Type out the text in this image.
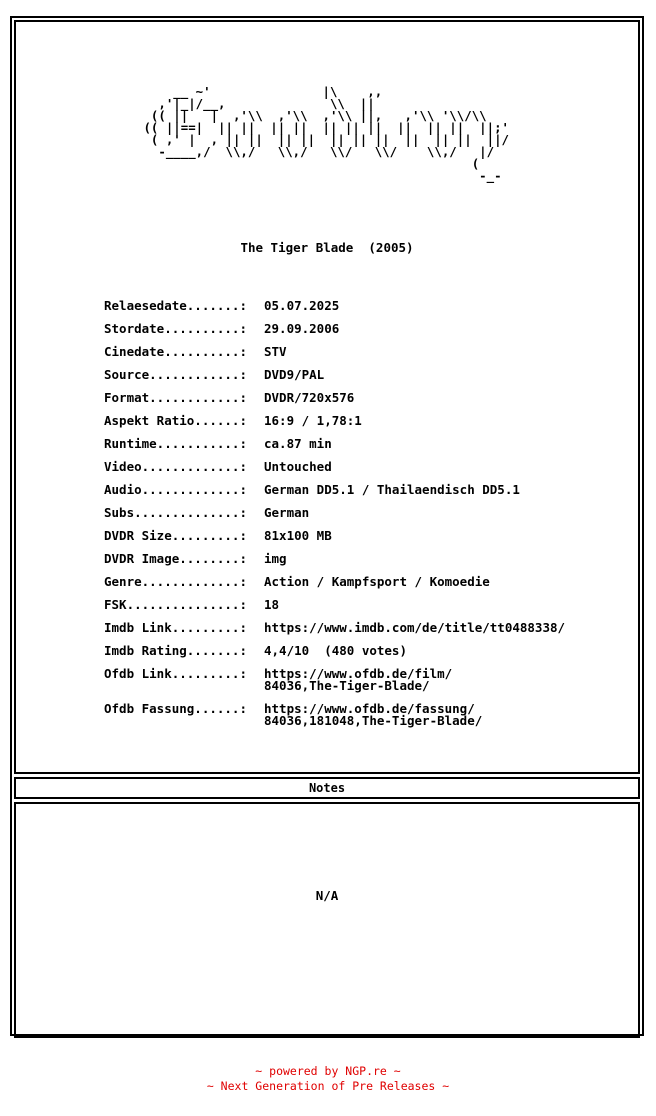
__ ~'               |\    ,,
,'|_|/__,              \\  ||
(( ||   |  ,'\\  ,'\\  ,'\\ ||,   ,'\\ '\\/\\
(( ||==|  || ||  || ||  || || ||  ||  || ||  ||;'
( ,' |  , || ||  || ||  || || ||  ||  || ||  ||/
-____,/  \\,/   \\,/   \\/   \\/    \\,/   |/
(
-_-
The Tiger Blade  (2005)
Relaesedate.......:	05.07.2025
Stordate..........:	29.09.2006
Cinedate..........:	STV
Source............:	DVD9/PAL
Format............:	DVDR/720x576
Aspekt Ratio......:	16:9 / 1,78:1
Runtime...........:	ca.87 min
Video.............:	Untouched
Audio.............:	German DD5.1 / Thailaendisch DD5.1
Subs..............:	German
DVDR Size.........:	81x100 MB
DVDR Image........:	img
Genre.............:	Action / Kampfsport / Komoedie
FSK...............:	18
Imdb Link.........:	https://www.imdb.com/de/title/tt0488338/
Imdb Rating.......:	4,4/10  (480 votes)
Ofdb Link.........:	https://www.ofdb.de/film/
84036,The-Tiger-Blade/
Ofdb Fassung......:	https://www.ofdb.de/fassung/
84036,181048,The-Tiger-Blade/
Notes
N/A
~ powered by NGP.re ~
~ Next Generation of Pre Releases ~
